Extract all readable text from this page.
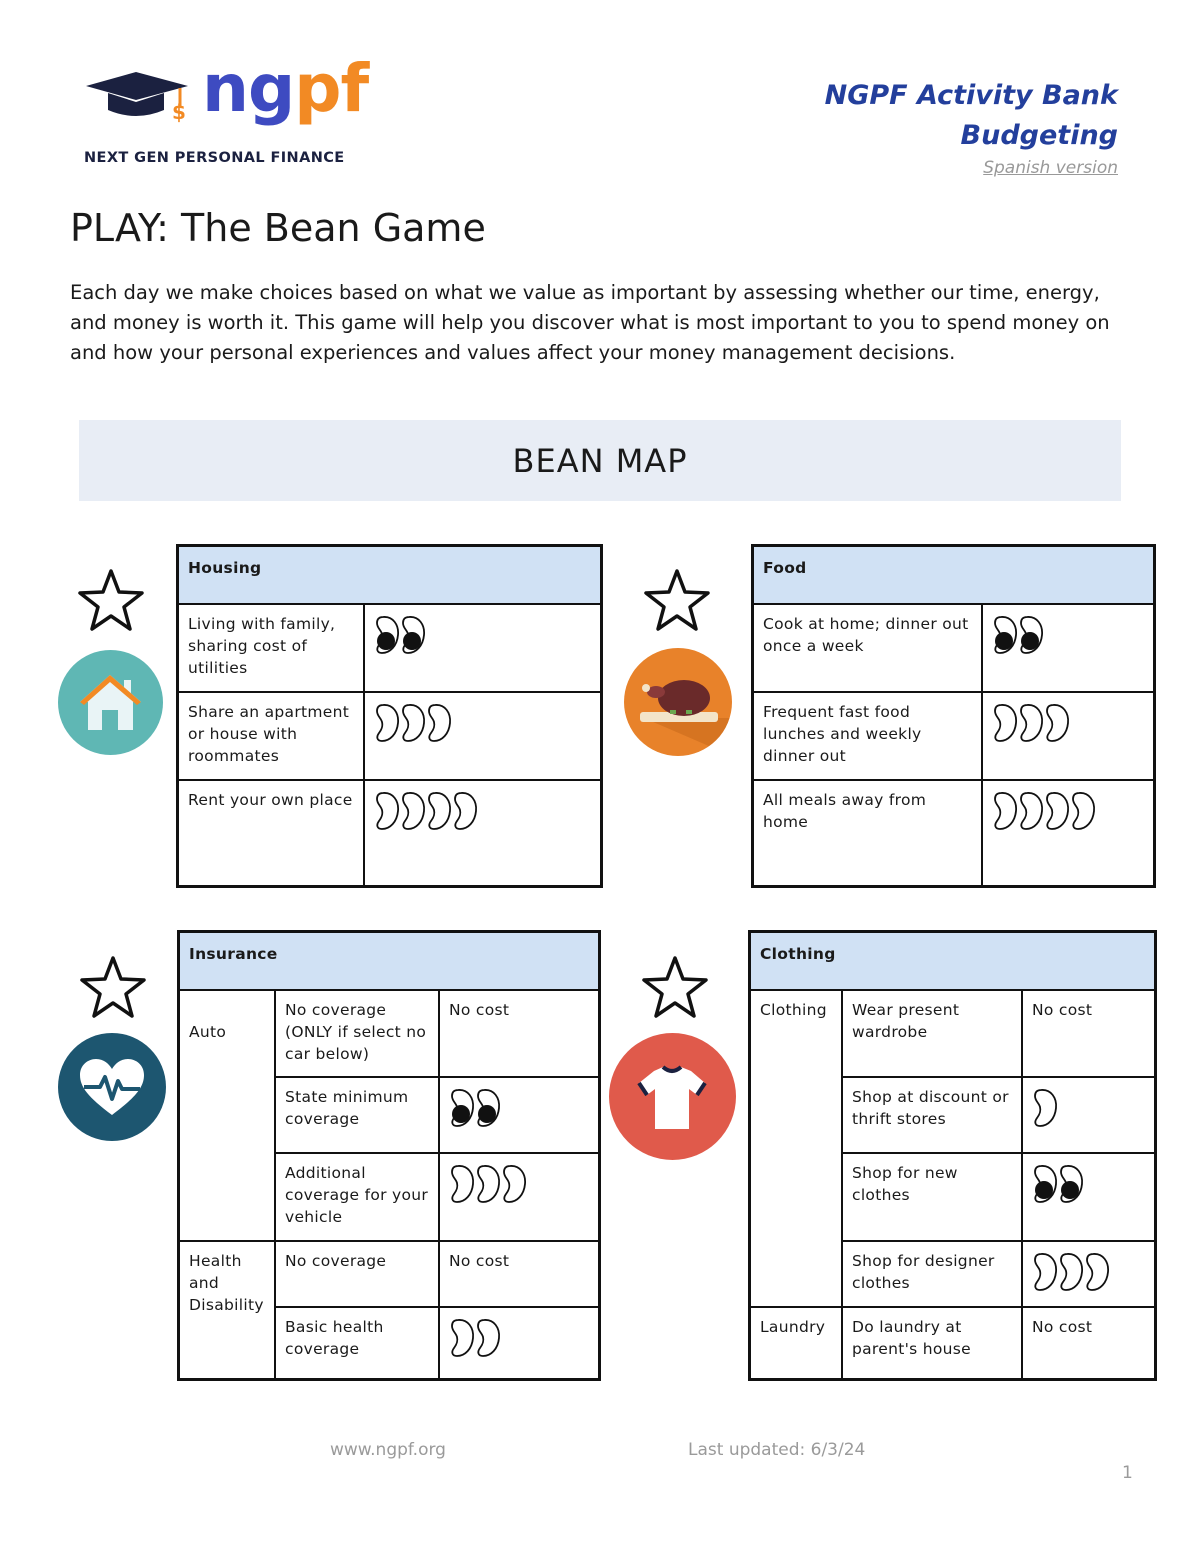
$ ngpf
NEXT GEN PERSONAL FINANCE
NGPF Activity Bank
Budgeting
Spanish version
PLAY: The Bean Game

Each day we make choices based on what we value as important by assessing whether our time, energy, and money is worth it. This game will help you discover what is most important to you to spend money on and how your personal experiences and values affect your money management decisions.

BEAN MAP
Housing	
Living with family, sharing cost of utilities	

Share an apartment or house with roommates	

Rent your own place	
Food	
Cook at home; dinner out once a week	

Frequent fast food lunches and weekly dinner out	

All meals away from home	
Insurance		
Auto	No coverage (ONLY if select no car below)	No cost
	State minimum coverage	

	Additional coverage for your vehicle	

Health and Disability	No coverage	No cost
	Basic health coverage	
Clothing		
Clothing	Wear present wardrobe	No cost
	Shop at discount or thrift stores	

	Shop for new clothes	

	Shop for designer clothes	

Laundry	Do laundry at parent's house	No cost
www.ngpf.org	Last updated: 6/3/24
1
